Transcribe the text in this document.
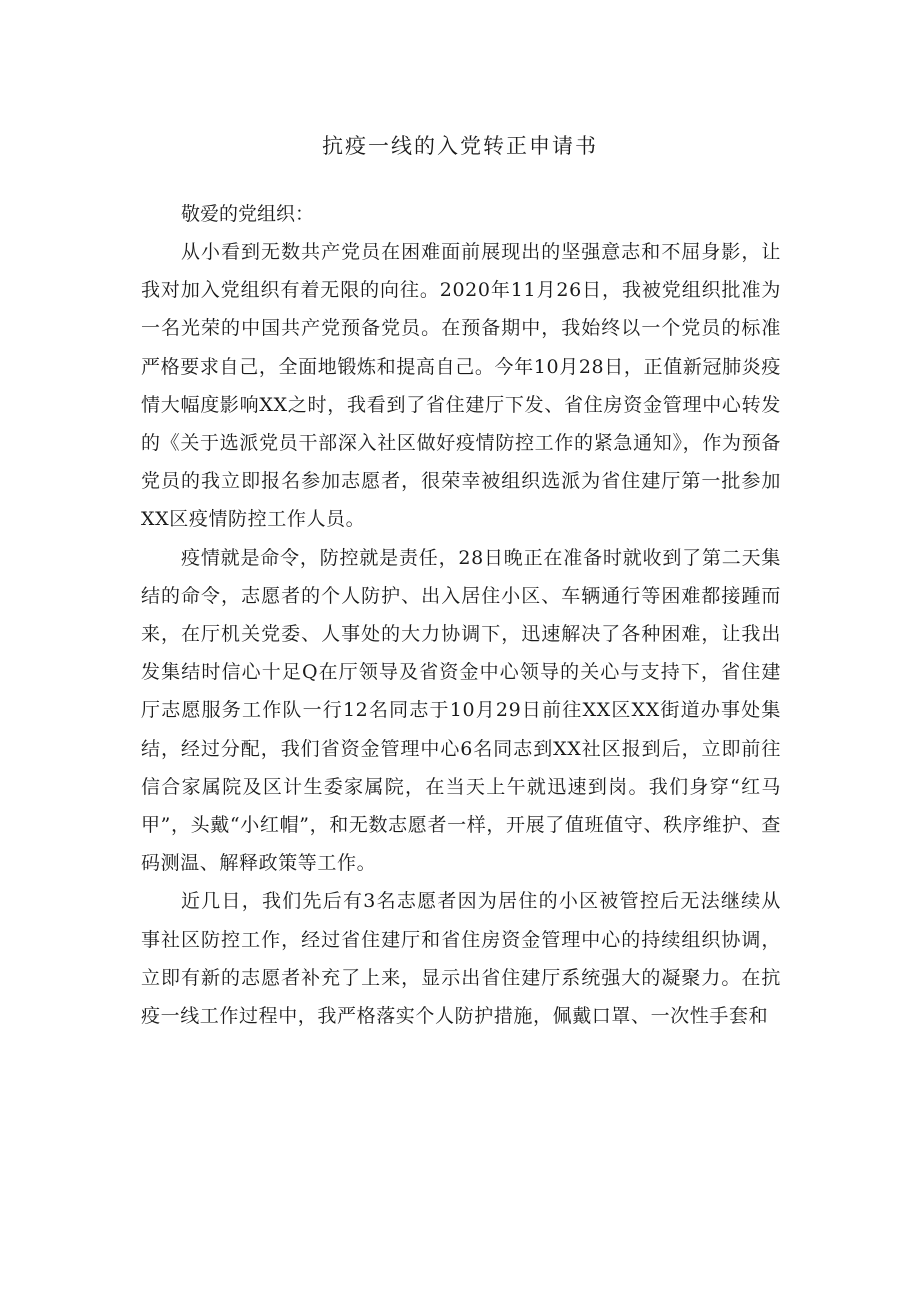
抗疫一线的入党转正申请书

敬爱的党组织：

从小看到无数共产党员在困难面前展现出的坚强意志和不屈身影，让我对加入党组织有着无限的向往。2020年11月26日，我被党组织批准为一名光荣的中国共产党预备党员。在预备期中，我始终以一个党员的标准严格要求自己，全面地锻炼和提高自己。今年10月28日，正值新冠肺炎疫情大幅度影响XX之时，我看到了省住建厅下发、省住房资金管理中心转发的《关于选派党员干部深入社区做好疫情防控工作的紧急通知》，作为预备党员的我立即报名参加志愿者，很荣幸被组织选派为省住建厅第一批参加XX区疫情防控工作人员。

疫情就是命令，防控就是责任，28日晚正在准备时就收到了第二天集结的命令，志愿者的个人防护、出入居住小区、车辆通行等困难都接踵而来，在厅机关党委、人事处的大力协调下，迅速解决了各种困难，让我出发集结时信心十足Q在厅领导及省资金中心领导的关心与支持下，省住建厅志愿服务工作队一行12名同志于10月29日前往XX区XX街道办事处集结，经过分配，我们省资金管理中心6名同志到XX社区报到后，立即前往信合家属院及区计生委家属院，在当天上午就迅速到岗。我们身穿“红马甲”，头戴“小红帽”，和无数志愿者一样，开展了值班值守、秩序维护、查码测温、解释政策等工作。

近几日，我们先后有3名志愿者因为居住的小区被管控后无法继续从事社区防控工作，经过省住建厅和省住房资金管理中心的持续组织协调，立即有新的志愿者补充了上来，显示出省住建厅系统强大的凝聚力。在抗疫一线工作过程中，我严格落实个人防护措施，佩戴口罩、一次性手套和
